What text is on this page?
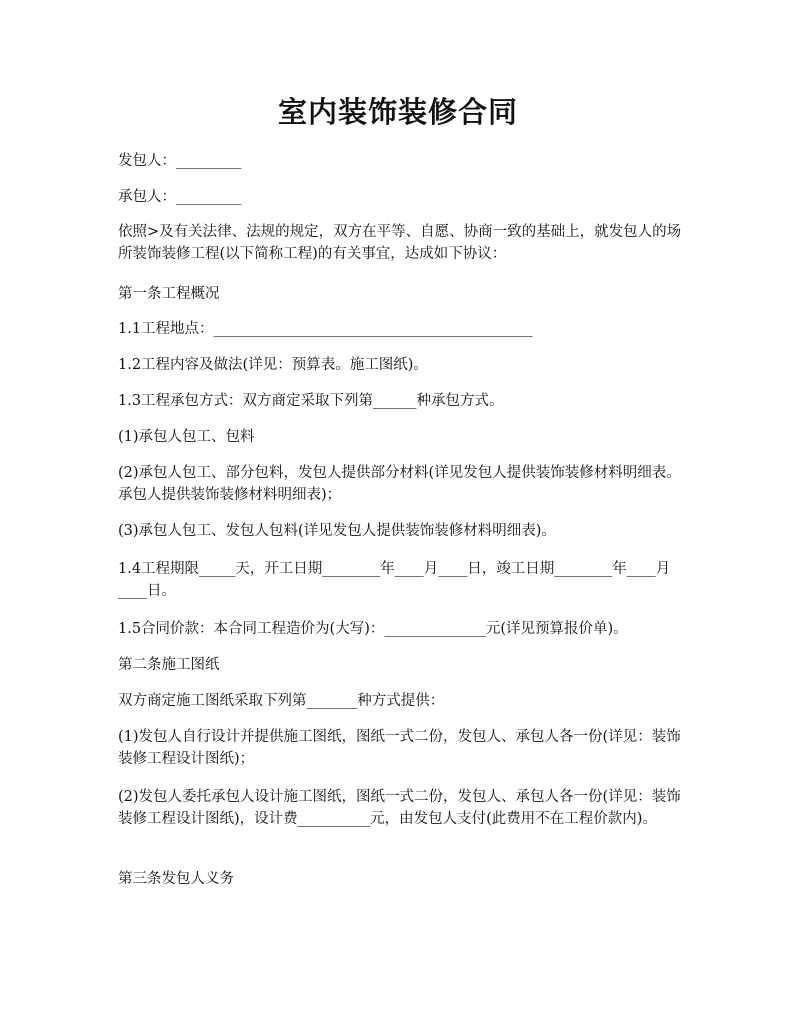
室内装饰装修合同

发包人：_________

承包人：_________

依照>及有关法律、法规的规定，双方在平等、自愿、协商一致的基础上，就发包人的场所装饰装修工程(以下简称工程)的有关事宜，达成如下协议：

第一条工程概况

1.1工程地点：____________________________________________

1.2工程内容及做法(详见：预算表。施工图纸)。

1.3工程承包方式：双方商定采取下列第______种承包方式。

(1)承包人包工、包料

(2)承包人包工、部分包料，发包人提供部分材料(详见发包人提供装饰装修材料明细表。承包人提供装饰装修材料明细表)；

(3)承包人包工、发包人包料(详见发包人提供装饰装修材料明细表)。

1.4工程期限_____天，开工日期________年____月____日，竣工日期________年____月____日。

1.5合同价款：本合同工程造价为(大写)：______________元(详见预算报价单)。

第二条施工图纸

双方商定施工图纸采取下列第_______种方式提供：

(1)发包人自行设计并提供施工图纸，图纸一式二份，发包人、承包人各一份(详见：装饰装修工程设计图纸)；

(2)发包人委托承包人设计施工图纸，图纸一式二份，发包人、承包人各一份(详见：装饰装修工程设计图纸)，设计费__________元，由发包人支付(此费用不在工程价款内)。

第三条发包人义务
